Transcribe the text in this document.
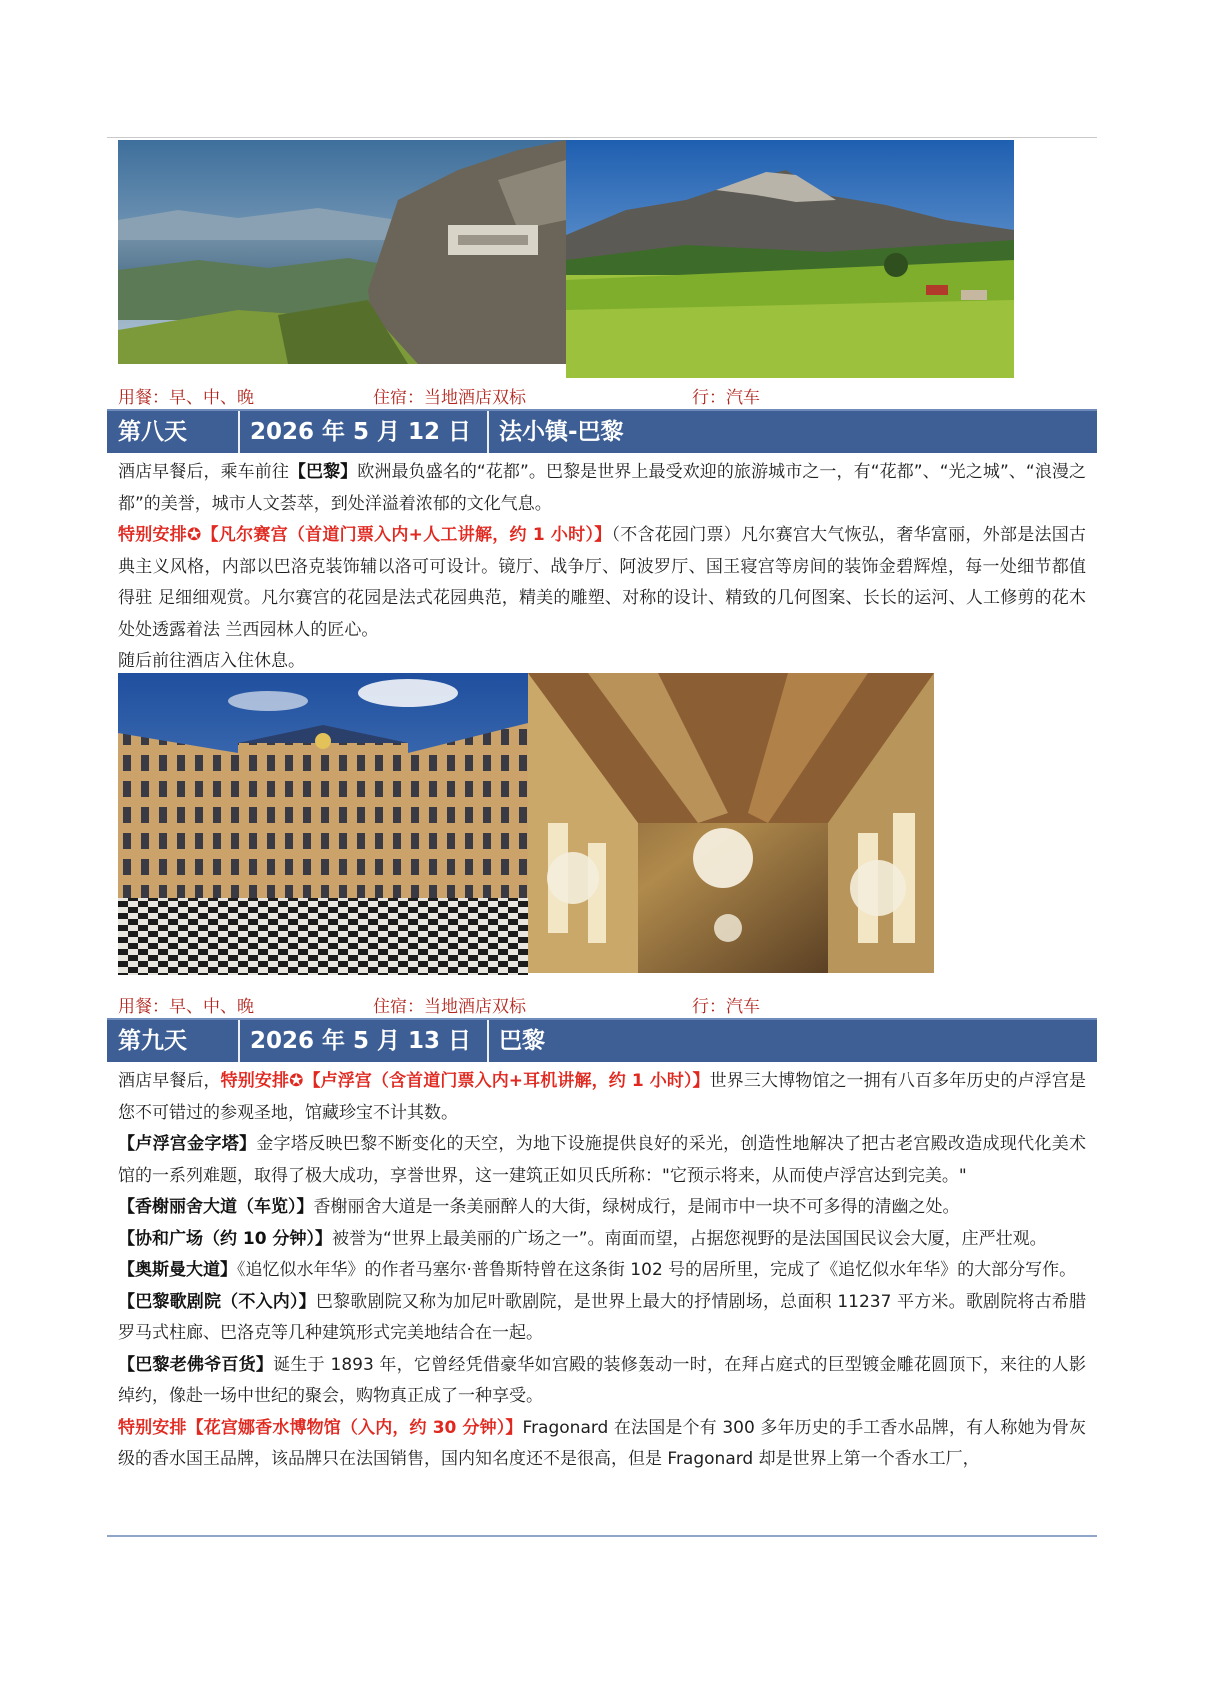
用餐：早、中、晚	住宿：当地酒店双标	行：汽车
第八天	2026 年 5 月 12 日 法小镇-巴黎

酒店早餐后，乘车前往【巴黎】欧洲最负盛名的“花都”。巴黎是世界上最受欢迎的旅游城市之一，有“花都”、“光之城”、“浪漫之都”的美誉，城市人文荟萃，到处洋溢着浓郁的文化气息。

特别安排✪【凡尔赛宫（首道门票入内+人工讲解，约 1 小时）】（不含花园门票）凡尔赛宫大气恢弘，奢华富丽，外部是法国古典主义风格，内部以巴洛克装饰辅以洛可可设计。镜厅、战争厅、阿波罗厅、国王寝宫等房间的装饰金碧辉煌，每一处细节都值得驻 足细细观赏。凡尔赛宫的花园是法式花园典范，精美的雕塑、对称的设计、精致的几何图案、长长的运河、人工修剪的花木处处透露着法 兰西园林人的匠心。

随后前往酒店入住休息。

用餐：早、中、晚	住宿：当地酒店双标	行：汽车
第九天	2026 年 5 月 13 日 巴黎

酒店早餐后，特别安排✪【卢浮宫（含首道门票入内+耳机讲解，约 1 小时）】世界三大博物馆之一拥有八百多年历史的卢浮宫是您不可错过的参观圣地，馆藏珍宝不计其数。

【卢浮宫金字塔】金字塔反映巴黎不断变化的天空，为地下设施提供良好的采光，创造性地解决了把古老宫殿改造成现代化美术馆的一系列难题，取得了极大成功，享誉世界，这一建筑正如贝氏所称："它预示将来，从而使卢浮宫达到完美。"

【香榭丽舍大道（车览）】香榭丽舍大道是一条美丽醉人的大街，绿树成行，是闹市中一块不可多得的清幽之处。

【协和广场（约 10 分钟）】被誉为“世界上最美丽的广场之一”。南面而望，占据您视野的是法国国民议会大厦，庄严壮观。

【奥斯曼大道】《追忆似水年华》的作者马塞尔·普鲁斯特曾在这条街 102 号的居所里，完成了《追忆似水年华》的大部分写作。

【巴黎歌剧院（不入内）】巴黎歌剧院又称为加尼叶歌剧院，是世界上最大的抒情剧场，总面积 11237 平方米。歌剧院将古希腊罗马式柱廊、巴洛克等几种建筑形式完美地结合在一起。

【巴黎老佛爷百货】诞生于 1893 年，它曾经凭借豪华如宫殿的装修轰动一时，在拜占庭式的巨型镀金雕花圆顶下，来往的人影绰约，像赴一场中世纪的聚会，购物真正成了一种享受。

特别安排【花宫娜香水博物馆（入内，约 30 分钟）】Fragonard 在法国是个有 300 多年历史的手工香水品牌，有人称她为骨灰级的香水国王品牌，该品牌只在法国销售，国内知名度还不是很高，但是 Fragonard 却是世界上第一个香水工厂，
